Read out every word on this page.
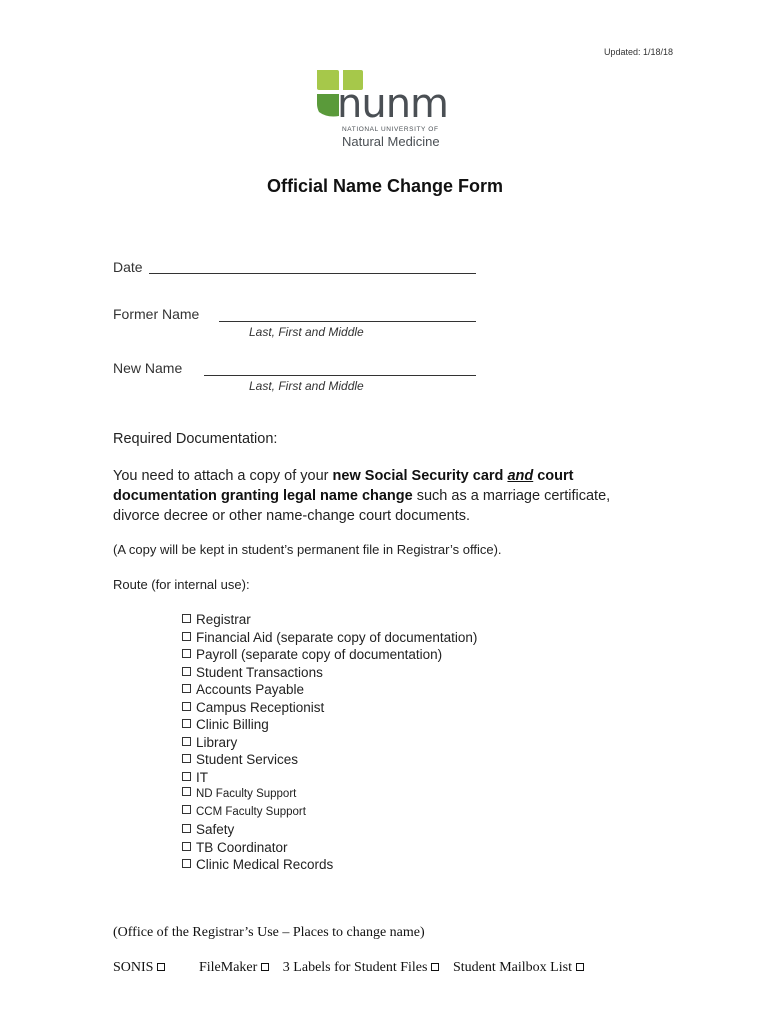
Updated: 1/18/18
nunm
NATIONAL UNIVERSITY OF
Natural Medicine
Official Name Change Form
Date
Former Name
Last, First and Middle
New Name
Last, First and Middle
Required Documentation:
You need to attach a copy of your new Social Security card and court documentation granting legal name change such as a marriage certificate, divorce decree or other name-change court documents.
(A copy will be kept in student’s permanent file in Registrar’s office).
Route (for internal use):
Registrar
Financial Aid (separate copy of documentation)
Payroll (separate copy of documentation)
Student Transactions
Accounts Payable
Campus Receptionist
Clinic Billing
Library
Student Services
IT
ND Faculty Support
CCM Faculty Support
Safety
TB Coordinator
Clinic Medical Records
(Office of the Registrar’s Use – Places to change name)
SONIS	FileMaker 3 Labels for Student Files Student Mailbox List
